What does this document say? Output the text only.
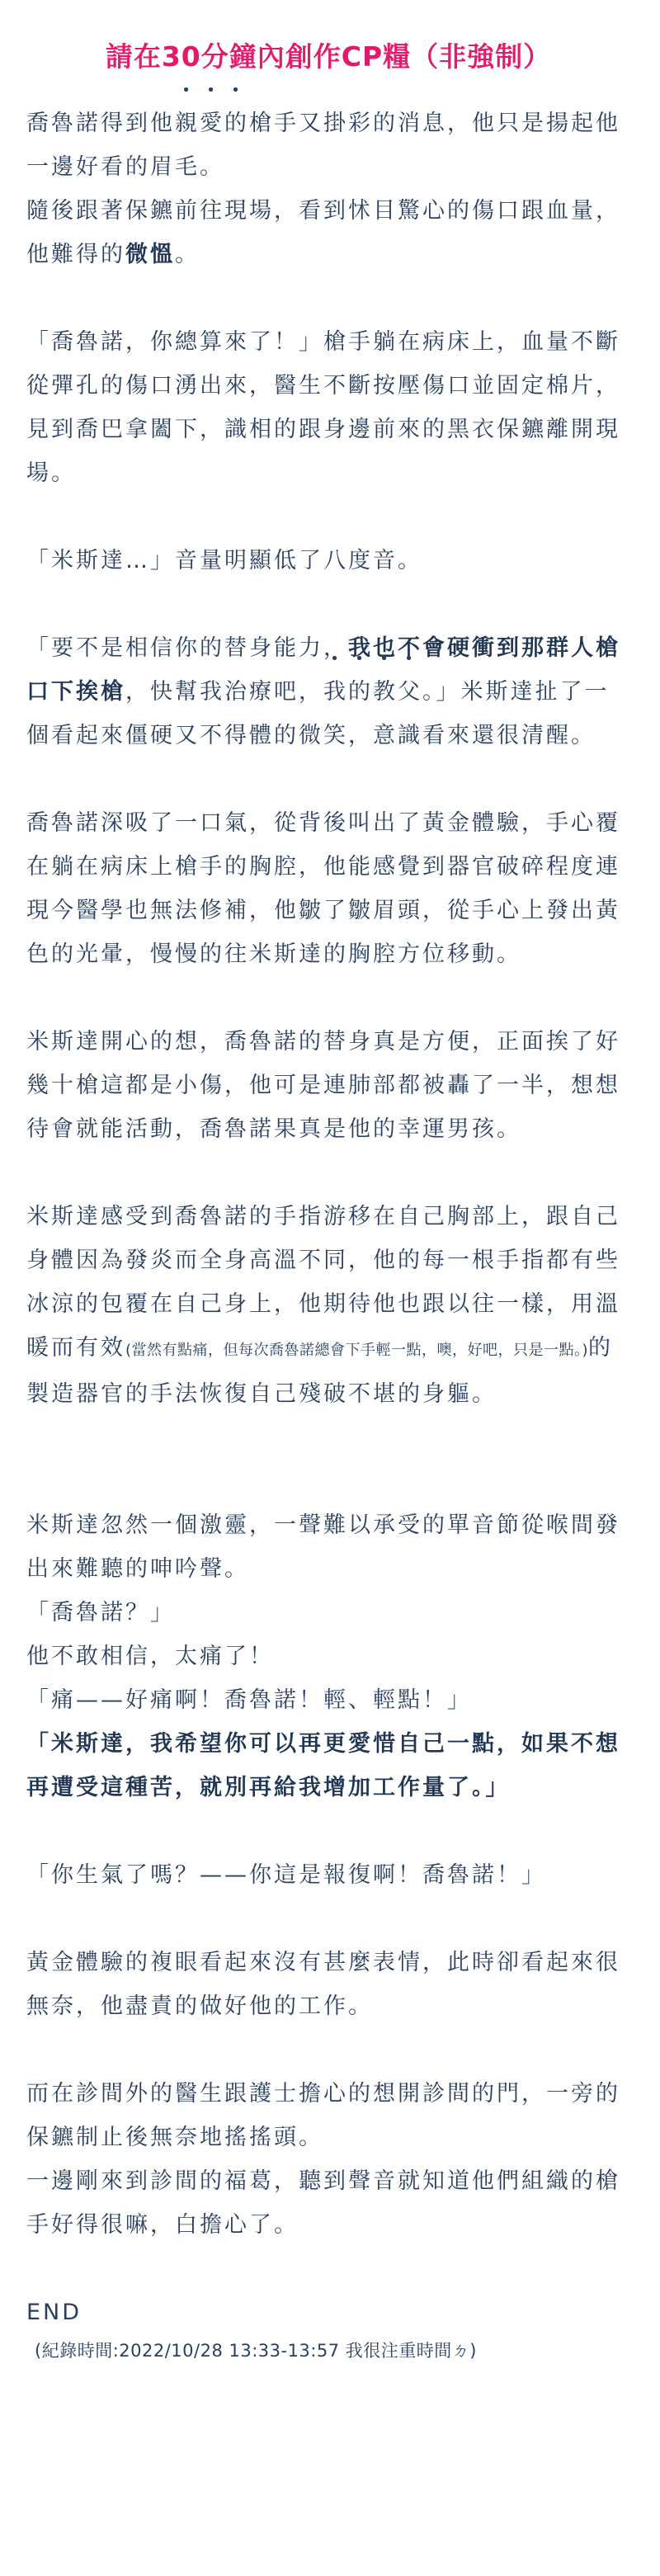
請在30分鐘內創作CP糧（非強制）

喬魯諾得到他親愛的槍手又掛彩的消息，他只是揚起他一邊好看的眉毛。
隨後跟著保鑣前往現場，看到怵目驚心的傷口跟血量，他難得的微慍。

「喬魯諾，你總算來了！」槍手躺在病床上，血量不斷從彈孔的傷口湧出來，醫生不斷按壓傷口並固定棉片，見到喬巴拿闔下，識相的跟身邊前來的黑衣保鑣離開現場。

「米斯達…」音量明顯低了八度音。

「要不是相信你的替身能力，我也不會硬衝到那群人槍口下挨槍，快幫我治療吧，我的教父。」米斯達扯了一個看起來僵硬又不得體的微笑，意識看來還很清醒。

喬魯諾深吸了一口氣，從背後叫出了黃金體驗，手心覆在躺在病床上槍手的胸腔，他能感覺到器官破碎程度連現今醫學也無法修補，他皺了皺眉頭，從手心上發出黃色的光暈，慢慢的往米斯達的胸腔方位移動。

米斯達開心的想，喬魯諾的替身真是方便，正面挨了好幾十槍這都是小傷，他可是連肺部都被轟了一半，想想待會就能活動，喬魯諾果真是他的幸運男孩。

米斯達感受到喬魯諾的手指游移在自己胸部上，跟自己身體因為發炎而全身高溫不同，他的每一根手指都有些冰涼的包覆在自己身上，他期待他也跟以往一樣，用溫暖而有效(當然有點痛，但每次喬魯諾總會下手輕一點，噢，好吧，只是一點。)的製造器官的手法恢復自己殘破不堪的身軀。

米斯達忽然一個激靈，一聲難以承受的單音節從喉間發出來難聽的呻吟聲。

「喬魯諾？」

他不敢相信，太痛了！

「痛——好痛啊！喬魯諾！輕、輕點！」

「米斯達，我希望你可以再更愛惜自己一點，如果不想再遭受這種苦，就別再給我增加工作量了。」

「你生氣了嗎？——你這是報復啊！喬魯諾！」

黃金體驗的複眼看起來沒有甚麼表情，此時卻看起來很無奈，他盡責的做好他的工作。

而在診間外的醫生跟護士擔心的想開診間的門，一旁的保鑣制止後無奈地搖搖頭。

一邊剛來到診間的福葛，聽到聲音就知道他們組織的槍手好得很嘛，白擔心了。

END
(紀錄時間:2022/10/28 13:33-13:57 我很注重時間ㄉ)
